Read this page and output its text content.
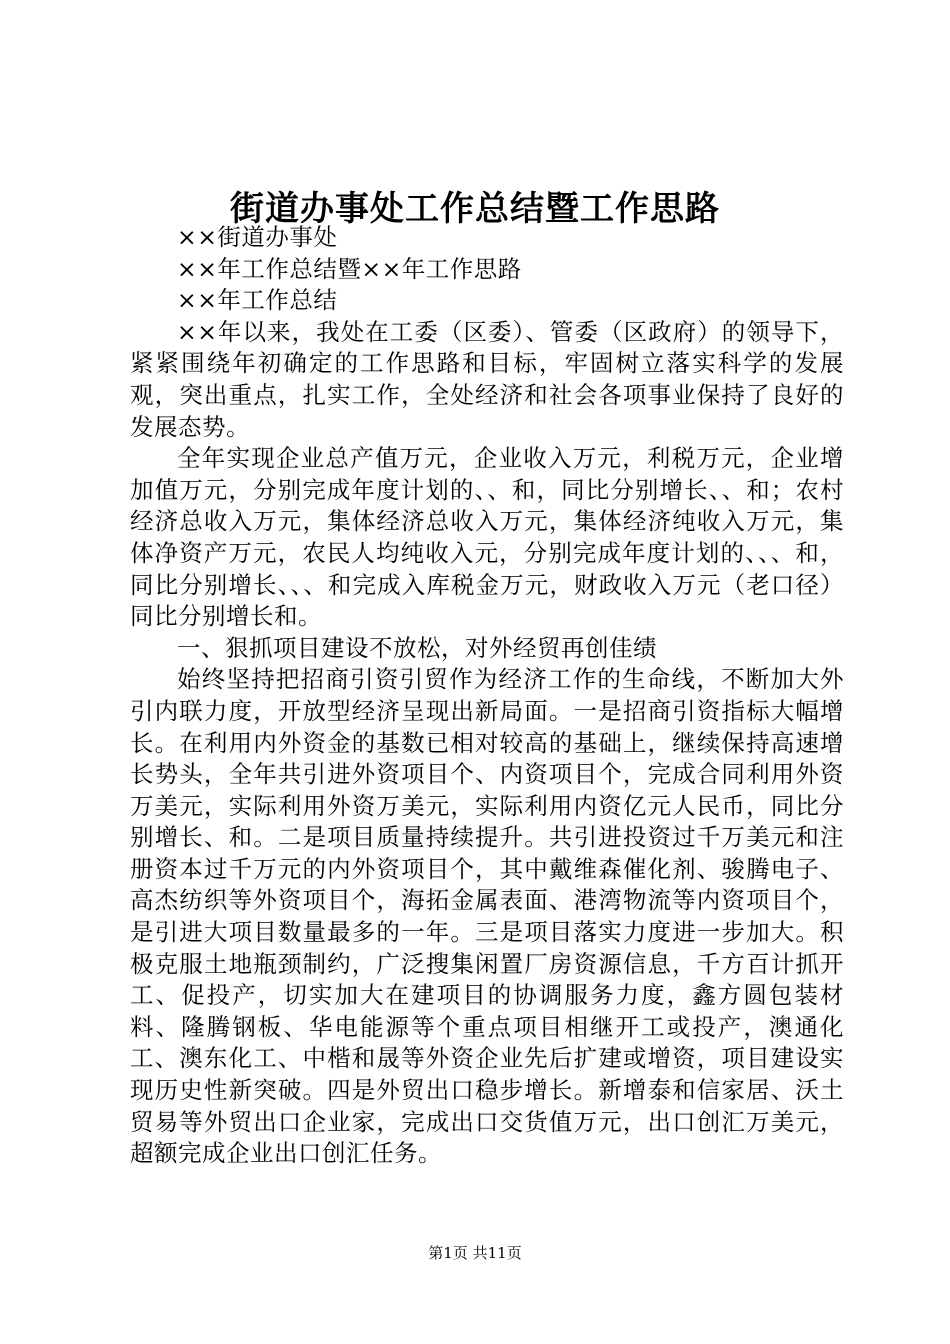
街道办事处工作总结暨工作思路

××街道办事处

××年工作总结暨××年工作思路

××年工作总结

××年以来，我处在工委（区委）、管委（区政府）的领导下，紧紧围绕年初确定的工作思路和目标，牢固树立落实科学的发展观，突出重点，扎实工作，全处经济和社会各项事业保持了良好的发展态势。

全年实现企业总产值万元，企业收入万元，利税万元，企业增加值万元，分别完成年度计划的、、和，同比分别增长、、和；农村经济总收入万元，集体经济总收入万元，集体经济纯收入万元，集体净资产万元，农民人均纯收入元，分别完成年度计划的、、、和，同比分别增长、、、和完成入库税金万元，财政收入万元（老口径）同比分别增长和。

一、狠抓项目建设不放松，对外经贸再创佳绩

始终坚持把招商引资引贸作为经济工作的生命线，不断加大外引内联力度，开放型经济呈现出新局面。一是招商引资指标大幅增长。在利用内外资金的基数已相对较高的基础上，继续保持高速增长势头，全年共引进外资项目个、内资项目个，完成合同利用外资万美元，实际利用外资万美元，实际利用内资亿元人民币，同比分别增长、和。二是项目质量持续提升。共引进投资过千万美元和注册资本过千万元的内外资项目个，其中戴维森催化剂、骏腾电子、高杰纺织等外资项目个，海拓金属表面、港湾物流等内资项目个，是引进大项目数量最多的一年。三是项目落实力度进一步加大。积极克服土地瓶颈制约，广泛搜集闲置厂房资源信息，千方百计抓开工、促投产，切实加大在建项目的协调服务力度，鑫方圆包装材料、隆腾钢板、华电能源等个重点项目相继开工或投产，澳通化工、澳东化工、中楷和晟等外资企业先后扩建或增资，项目建设实现历史性新突破。四是外贸出口稳步增长。新增泰和信家居、沃土贸易等外贸出口企业家，完成出口交货值万元，出口创汇万美元，超额完成企业出口创汇任务。

第1页 共11页
